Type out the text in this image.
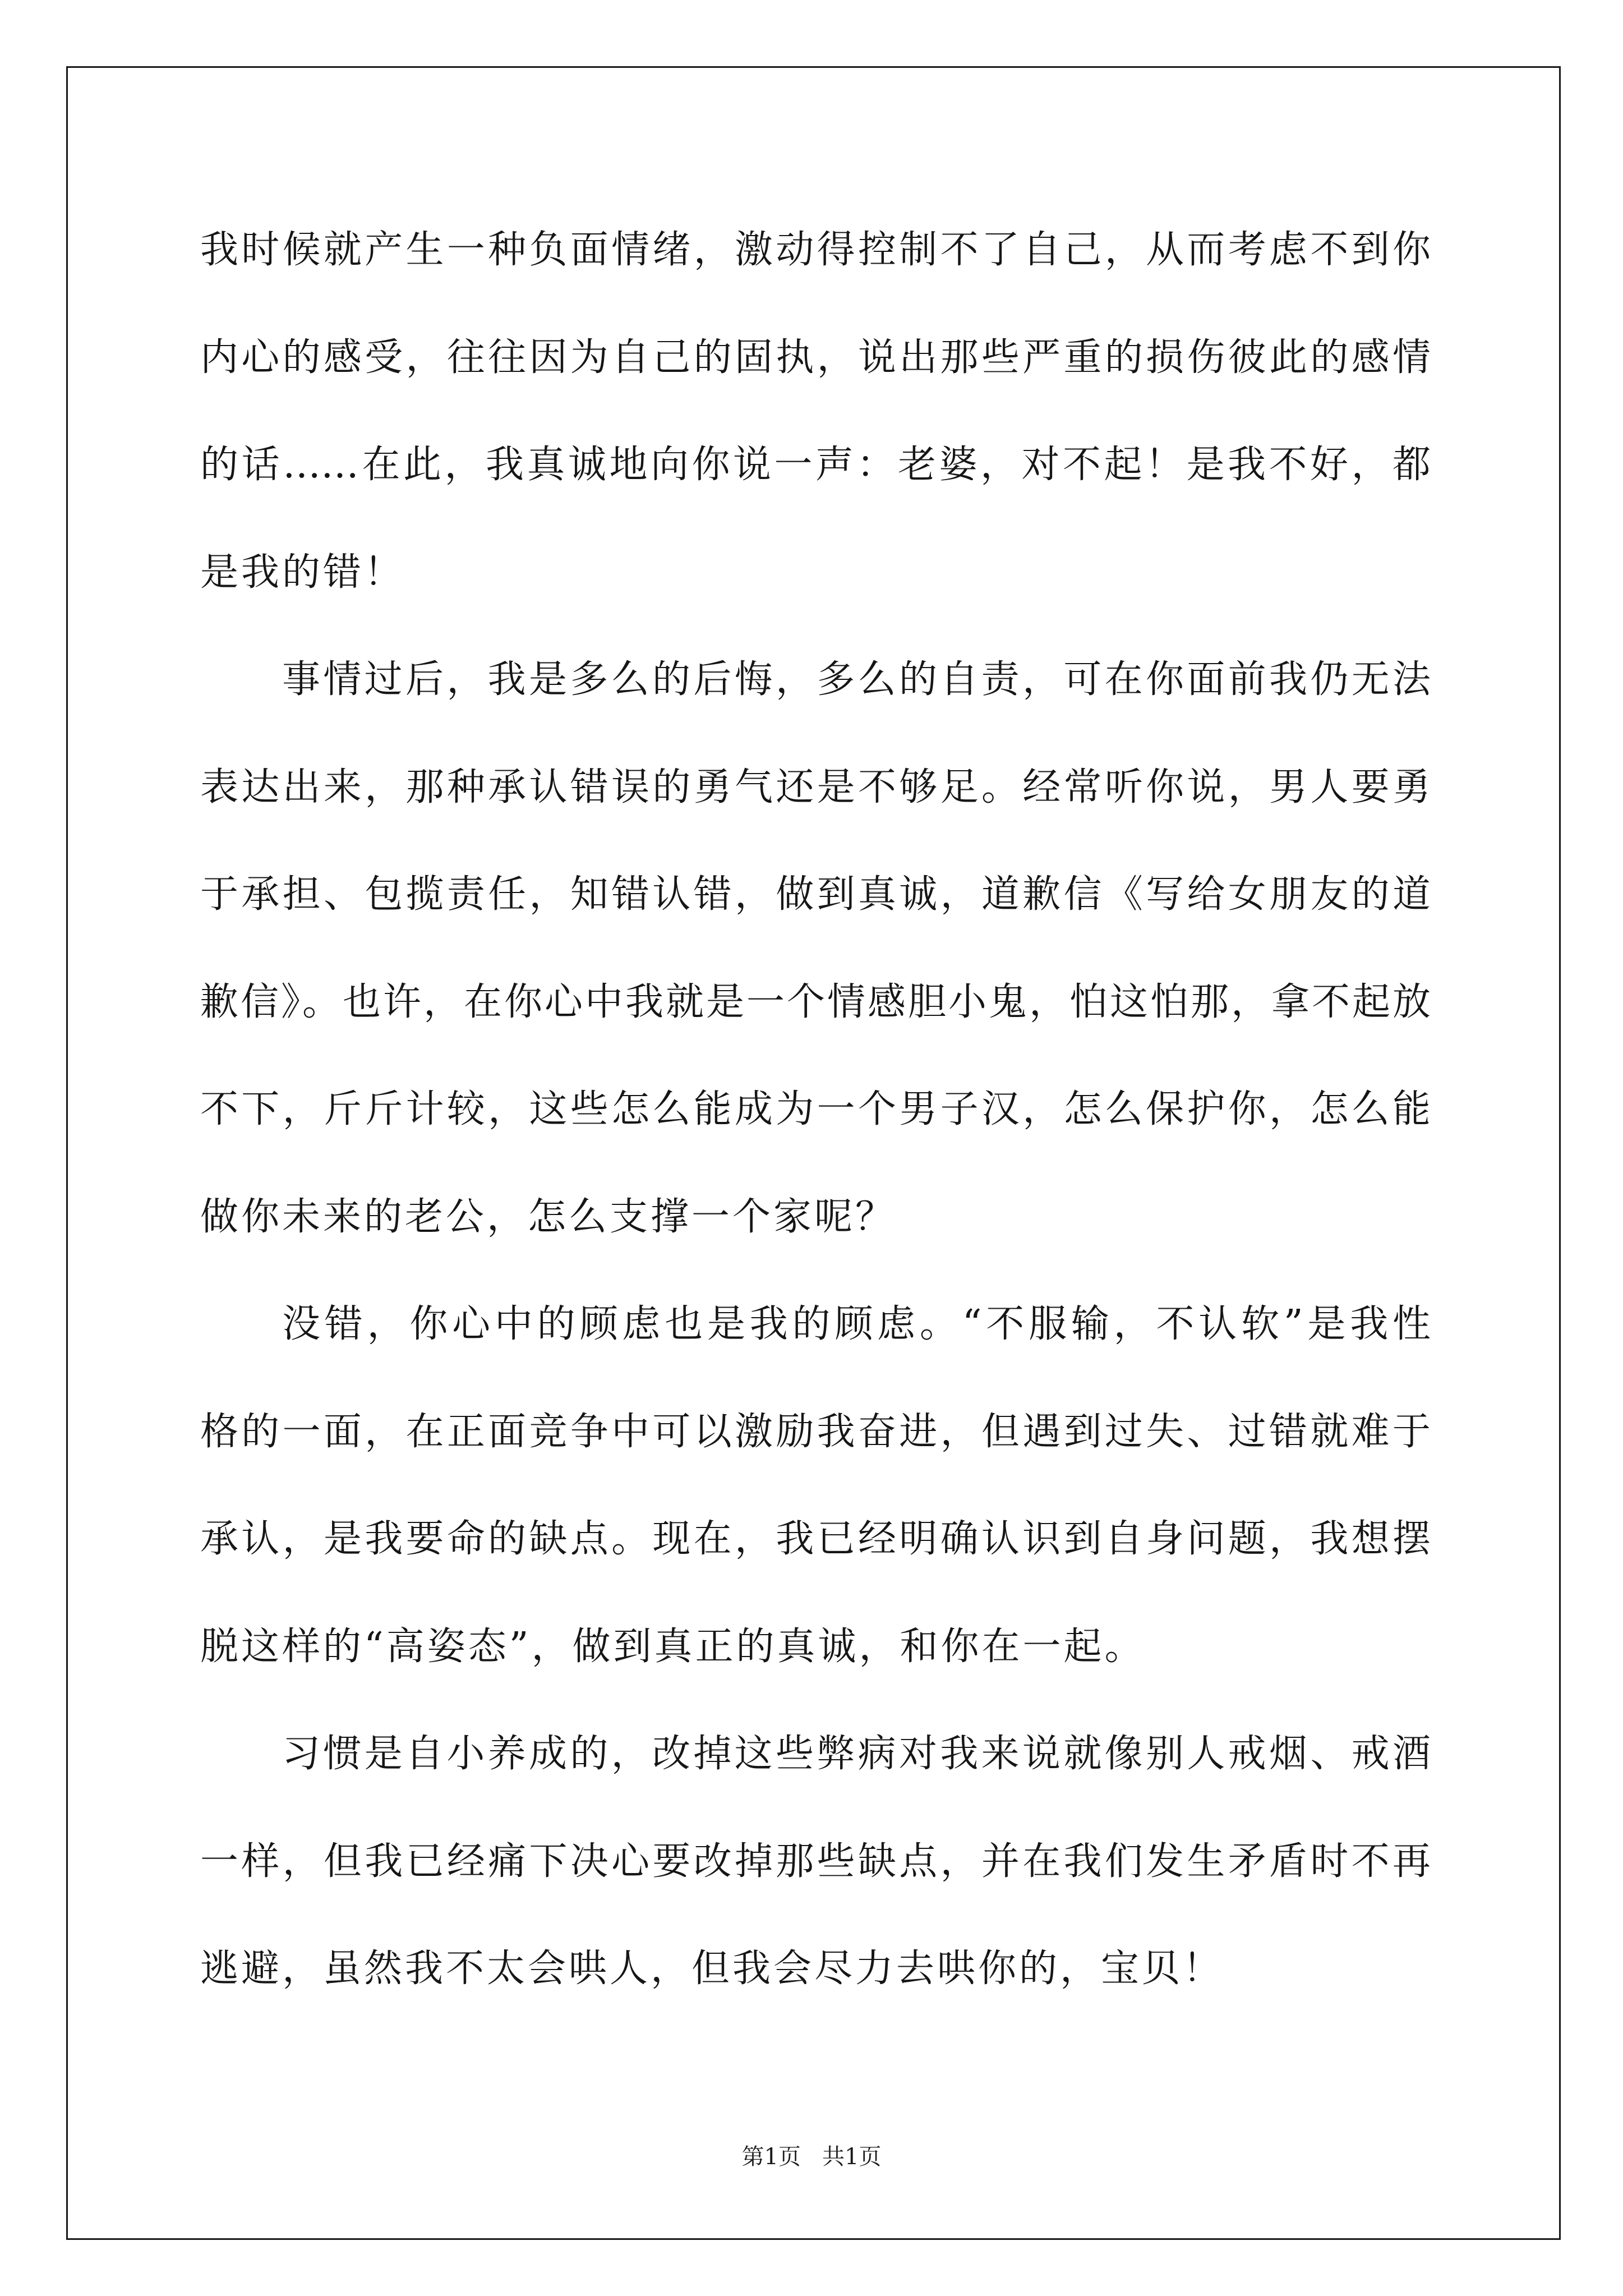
我时候就产生一种负面情绪，激动得控制不了自己，从而考虑不到你
内心的感受，往往因为自己的固执，说出那些严重的损伤彼此的感情
的话……在此，我真诚地向你说一声：老婆，对不起！是我不好，都
是我的错！
事情过后，我是多么的后悔，多么的自责，可在你面前我仍无法
表达出来，那种承认错误的勇气还是不够足。经常听你说，男人要勇
于承担、包揽责任，知错认错，做到真诚，道歉信《写给女朋友的道
歉信》。也许，在你心中我就是一个情感胆小鬼，怕这怕那，拿不起放
不下，斤斤计较，这些怎么能成为一个男子汉，怎么保护你，怎么能
做你未来的老公，怎么支撑一个家呢？
没错，你心中的顾虑也是我的顾虑。“不服输，不认软”是我性
格的一面，在正面竞争中可以激励我奋进，但遇到过失、过错就难于
承认，是我要命的缺点。现在，我已经明确认识到自身问题，我想摆
脱这样的“高姿态”，做到真正的真诚，和你在一起。
习惯是自小养成的，改掉这些弊病对我来说就像别人戒烟、戒酒
一样，但我已经痛下决心要改掉那些缺点，并在我们发生矛盾时不再
逃避，虽然我不太会哄人，但我会尽力去哄你的，宝贝！
第1页 共1页
